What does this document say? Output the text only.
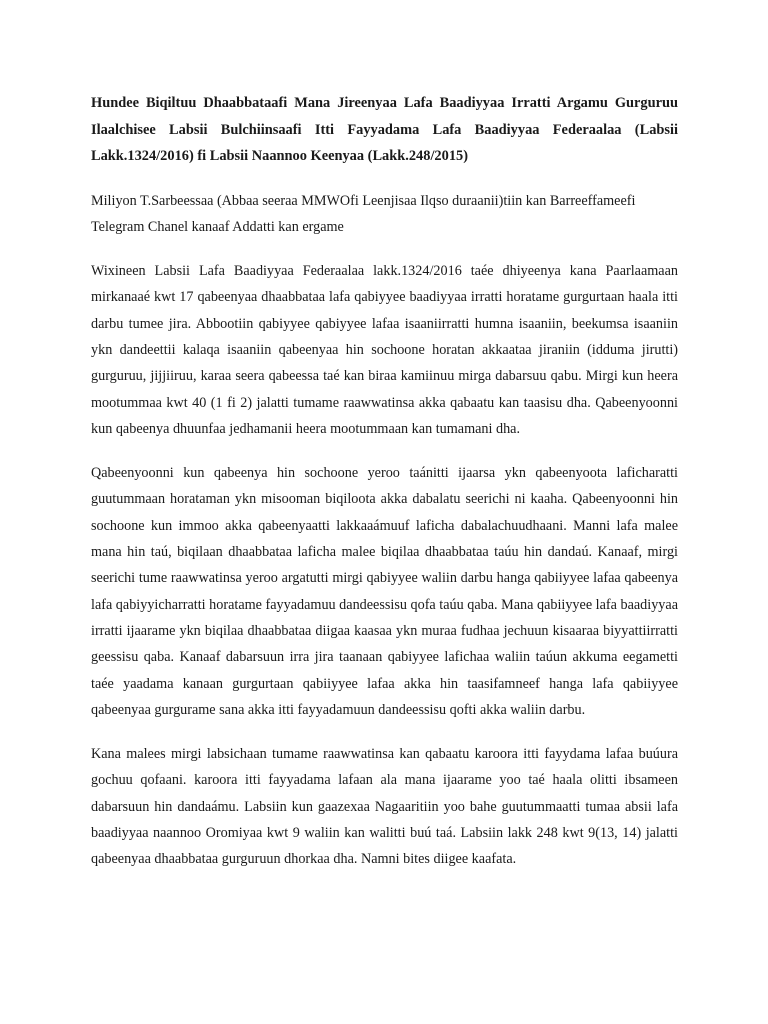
Hundee Biqiltuu Dhaabbataafi Mana Jireenyaa Lafa Baadiyyaa Irratti Argamu Gurguruu Ilaalchisee Labsii Bulchiinsaafi Itti Fayyadama Lafa Baadiyyaa Federaalaa (Labsii Lakk.1324/2016) fi Labsii Naannoo Keenyaa (Lakk.248/2015)

Miliyon T.Sarbeessaa (Abbaa seeraa MMWOfi Leenjisaa Ilqso duraanii)tiin kan Barreeffameefi Telegram Chanel kanaaf Addatti kan ergame

Wixineen Labsii Lafa Baadiyyaa Federaalaa lakk.1324/2016 taée dhiyeenya kana Paarlaamaan mirkanaaé kwt 17 qabeenyaa dhaabbataa lafa qabiyyee baadiyyaa irratti horatame gurgurtaan haala itti darbu tumee jira. Abbootiin qabiyyee qabiyyee lafaa isaaniirratti humna isaaniin, beekumsa isaaniin ykn dandeettii kalaqa isaaniin qabeenyaa hin sochoone horatan akkaataa jiraniin (idduma jirutti) gurguruu, jijjiiruu, karaa seera qabeessa taé kan biraa kamiinuu mirga dabarsuu qabu. Mirgi kun heera mootummaa kwt 40 (1 fi 2) jalatti tumame raawwatinsa akka qabaatu kan taasisu dha. Qabeenyoonni kun qabeenya dhuunfaa jedhamanii heera mootummaan kan tumamani dha.

Qabeenyoonni kun qabeenya hin sochoone yeroo taánitti ijaarsa ykn qabeenyoota laficharatti guutummaan horataman ykn misooman biqiloota akka dabalatu seerichi ni kaaha. Qabeenyoonni hin sochoone kun immoo akka qabeenyaatti lakkaaámuuf laficha dabalachuudhaani. Manni lafa malee mana hin taú, biqilaan dhaabbataa laficha malee biqilaa dhaabbataa taúu hin dandaú. Kanaaf, mirgi seerichi tume raawwatinsa yeroo argatutti mirgi qabiyyee waliin darbu hanga qabiiyyee lafaa qabeenya lafa qabiyyicharratti horatame fayyadamuu dandeessisu qofa taúu qaba. Mana qabiiyyee lafa baadiyyaa irratti ijaarame ykn biqilaa dhaabbataa diigaa kaasaa ykn muraa fudhaa jechuun kisaaraa biyyattiirratti geessisu qaba. Kanaaf dabarsuun irra jira taanaan qabiyyee lafichaa waliin taúun akkuma eegametti taée yaadama kanaan gurgurtaan qabiiyyee lafaa akka hin taasifamneef hanga lafa qabiiyyee qabeenyaa gurgurame sana akka itti fayyadamuun dandeessisu qofti akka waliin darbu.

Kana malees mirgi labsichaan tumame raawwatinsa kan qabaatu karoora itti fayydama lafaa buúura gochuu qofaani. karoora itti fayyadama lafaan ala mana ijaarame yoo taé haala olitti ibsameen dabarsuun hin dandaámu. Labsiin kun gaazexaa Nagaaritiin yoo bahe guutummaatti tumaa absii lafa baadiyyaa naannoo Oromiyaa kwt 9 waliin kan walitti buú taá. Labsiin lakk 248 kwt 9(13, 14) jalatti qabeenyaa dhaabbataa gurguruun dhorkaa dha. Namni bites diigee kaafata.
